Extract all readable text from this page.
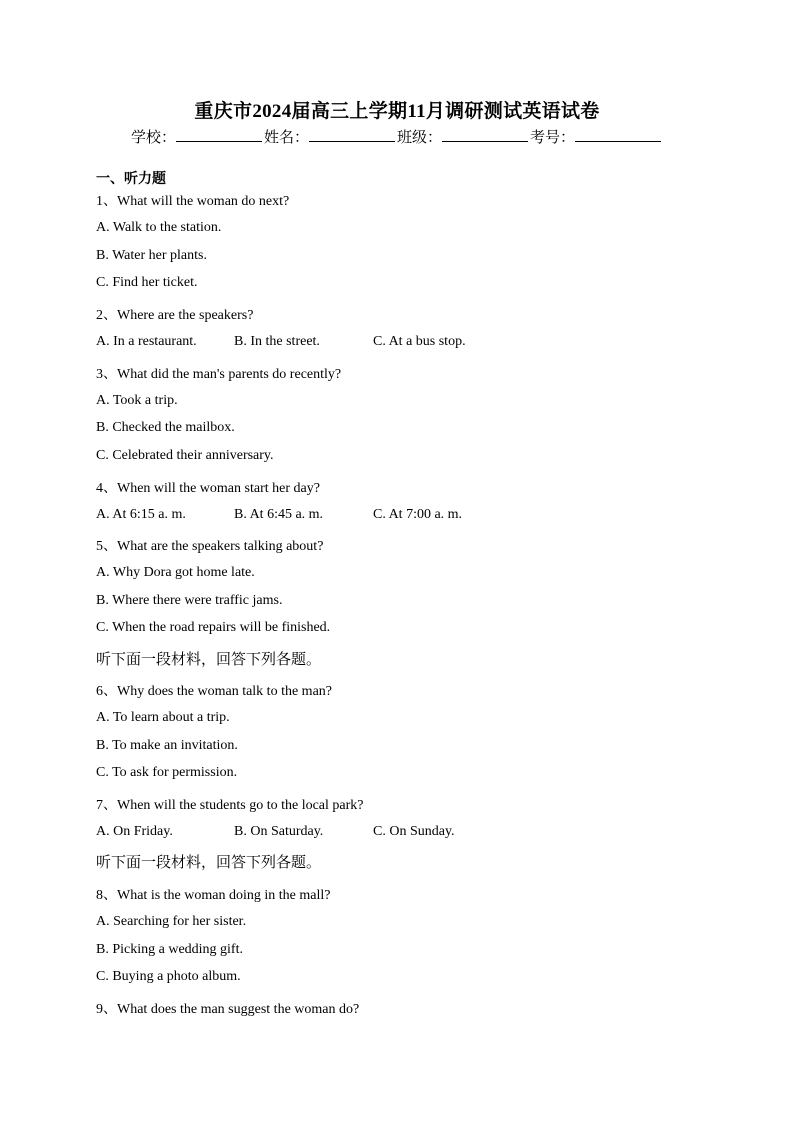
重庆市2024届高三上学期11月调研测试英语试卷
学校：	姓名：	班级：	考号：
一、听力题
1、What will the woman do next?
A. Walk to the station.
B. Water her plants.
C. Find her ticket.
2、Where are the speakers?
A. In a restaurant.	B. In the street.	C. At a bus stop.
3、What did the man's parents do recently?
A. Took a trip.
B. Checked the mailbox.
C. Celebrated their anniversary.
4、When will the woman start her day?
A. At 6:15 a. m.	B. At 6:45 a. m.	C. At 7:00 a. m.
5、What are the speakers talking about?
A. Why Dora got home late.
B. Where there were traffic jams.
C. When the road repairs will be finished.
听下面一段材料，回答下列各题。
6、Why does the woman talk to the man?
A. To learn about a trip.
B. To make an invitation.
C. To ask for permission.
7、When will the students go to the local park?
A. On Friday.	B. On Saturday.	C. On Sunday.
听下面一段材料，回答下列各题。
8、What is the woman doing in the mall?
A. Searching for her sister.
B. Picking a wedding gift.
C. Buying a photo album.
9、What does the man suggest the woman do?
